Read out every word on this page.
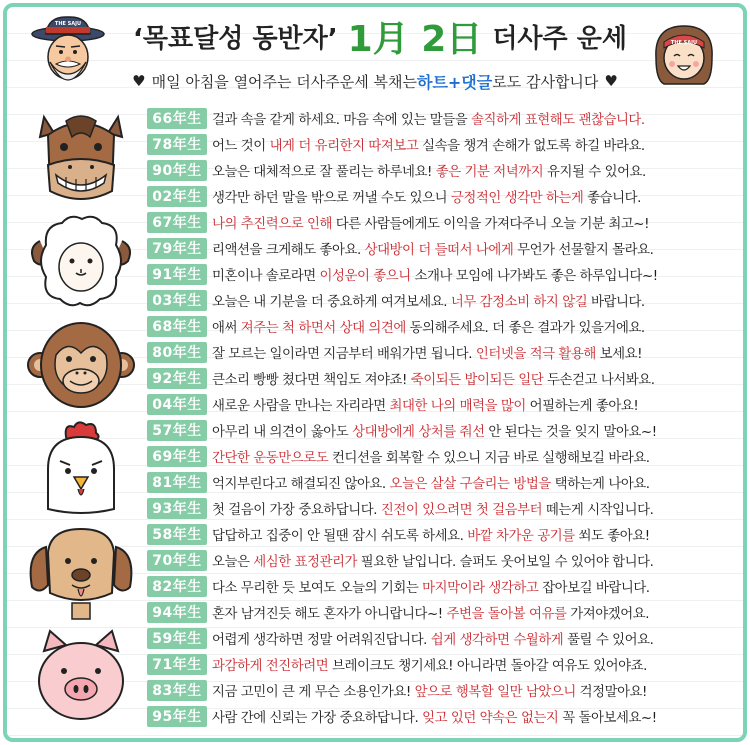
THE SAJU ‘목표달성 동반자’ 1月 2日 더사주 운세
♥ 매일 아침을 열어주는 더사주운세 복채는 하트+댓글 로도 감사합니다 ♥
THE SAJU
66年生 걸과 속을 같게 하세요. 마음 속에 있는 말들을 솔직하게 표현해도 괜찮습니다.
78年生 어느 것이 내게 더 유리한지 따져보고 실속을 챙겨 손해가 없도록 하길 바라요.
90年生 오늘은 대체적으로 잘 풀리는 하루네요! 좋은 기분 저녁까지 유지될 수 있어요.
02年生 생각만 하던 말을 밖으로 꺼낼 수도 있으니 긍정적인 생각만 하는게 좋습니다.
67年生 나의 추진력으로 인해 다른 사람들에게도 이익을 가져다주니 오늘 기분 최고~!
79年生 리액션을 크게해도 좋아요. 상대방이 더 들떠서 나에게 무언가 선물할지 몰라요.
91年生 미혼이나 솔로라면 이성운이 좋으니 소개나 모임에 나가봐도 좋은 하루입니다~!
03年生 오늘은 내 기분을 더 중요하게 여겨보세요. 너무 감정소비 하지 않길 바랍니다.
68年生 애써 져주는 척 하면서 상대 의견에 동의해주세요. 더 좋은 결과가 있을거에요.
80年生 잘 모르는 일이라면 지금부터 배워가면 됩니다. 인터넷을 적극 활용해 보세요!
92年生 큰소리 빵빵 쳤다면 책임도 져야죠! 죽이되든 밥이되든 일단 두손걷고 나서봐요.
04年生 새로운 사람을 만나는 자리라면 최대한 나의 매력을 많이 어필하는게 좋아요!
57年生 아무리 내 의견이 옳아도 상대방에게 상처를 줘선 안 된다는 것을 잊지 말아요~!
69年生 간단한 운동만으로도 컨디션을 회복할 수 있으니 지금 바로 실행해보길 바라요.
81年生 억지부린다고 해결되진 않아요. 오늘은 살살 구슬리는 방법을 택하는게 나아요.
93年生 첫 걸음이 가장 중요하답니다. 진전이 있으려면 첫 걸음부터 떼는게 시작입니다.
58年生 답답하고 집중이 안 될땐 잠시 쉬도록 하세요. 바깥 차가운 공기를 쐬도 좋아요!
70年生 오늘은 세심한 표정관리가 필요한 날입니다. 슬퍼도 웃어보일 수 있어야 합니다.
82年生 다소 무리한 듯 보여도 오늘의 기회는 마지막이라 생각하고 잡아보길 바랍니다.
94年生 혼자 남겨진듯 해도 혼자가 아니랍니다~! 주변을 돌아볼 여유를 가져야겠어요.
59年生 어렵게 생각하면 정말 어려워진답니다. 쉽게 생각하면 수월하게 풀릴 수 있어요.
71年生 과감하게 전진하려면 브레이크도 챙기세요! 아니라면 돌아갈 여유도 있어야죠.
83年生 지금 고민이 큰 게 무슨 소용인가요! 앞으로 행복할 일만 남았으니 걱정말아요!
95年生 사람 간에 신뢰는 가장 중요하답니다. 잊고 있던 약속은 없는지 꼭 돌아보세요~!
